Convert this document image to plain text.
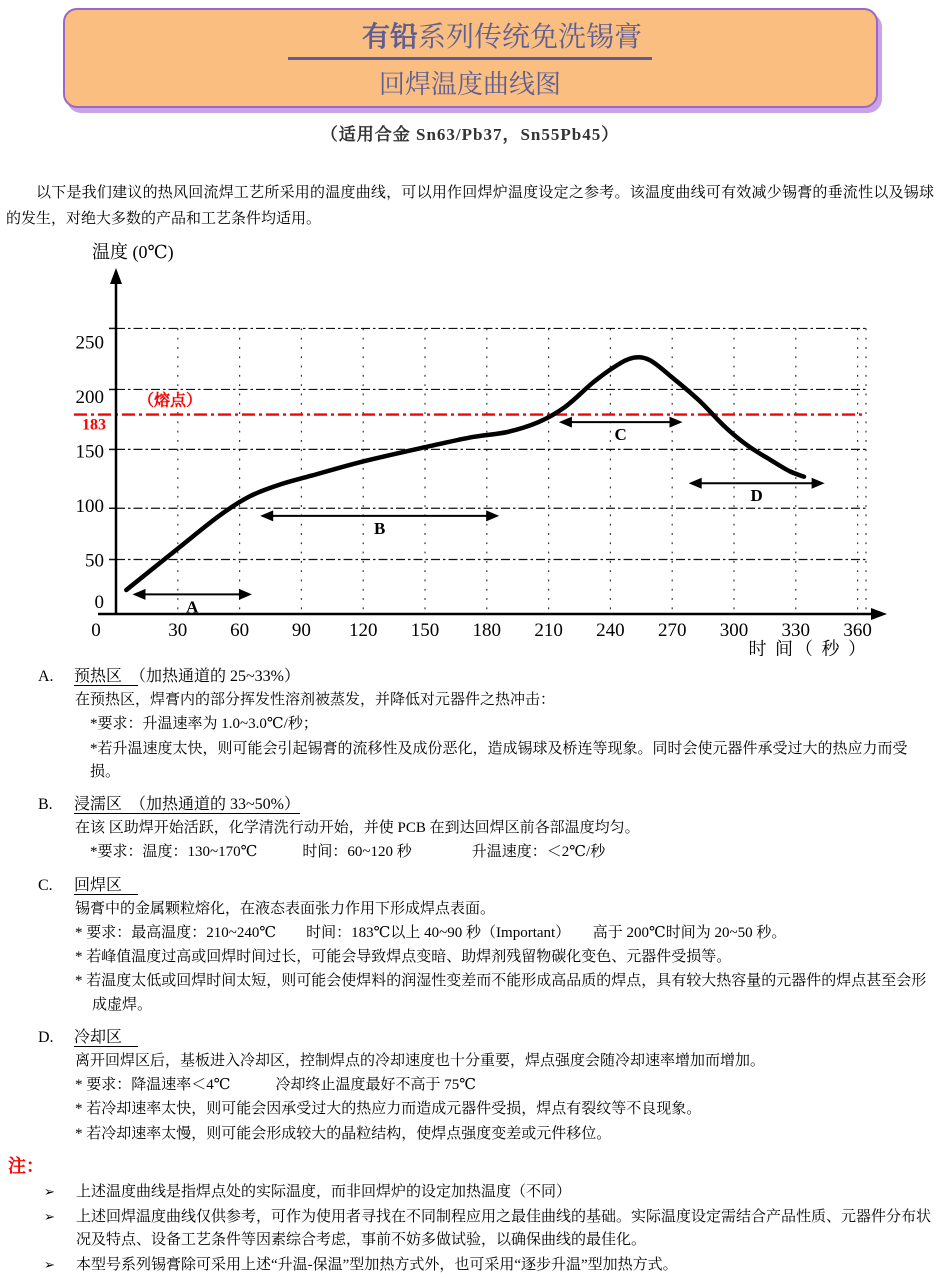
有铅系列传统免洗锡膏
回焊温度曲线图
（适用合金 Sn63/Pb37，Sn55Pb45）

以下是我们建议的热风回流焊工艺所采用的温度曲线，可以用作回焊炉温度设定之参考。该温度曲线可有效减少锡膏的垂流性以及锡球的发生，对绝大多数的产品和工艺条件均适用。

温度 (0℃)
（熔点）
183
0
50
100
150
200
250
0	30 60 90 120 150 180 210 240 270 300 330 360
时 间（ 秒 ）
A
B
C
D
A. 预热区　（加热通道的 25~33%）
在预热区，焊膏内的部分挥发性溶剂被蒸发，并降低对元器件之热冲击：
*要求：升温速率为 1.0~3.0℃/秒；
*若升温速度太快，则可能会引起锡膏的流移性及成份恶化，造成锡球及桥连等现象。同时会使元器件承受过大的热应力而受损。
B. 浸濡区　（加热通道的 33~50%）
在该 区助焊开始活跃，化学清洗行动开始，并使 PCB 在到达回焊区前各部温度均匀。
*要求：温度：130~170℃　　　时间：60~120 秒　　　　升温速度：＜2℃/秒
C. 回焊区　
锡膏中的金属颗粒熔化，在液态表面张力作用下形成焊点表面。
* 要求：最高温度：210~240℃　　时间：183℃以上 40~90 秒（Important）　　高于 200℃时间为 20~50 秒。
* 若峰值温度过高或回焊时间过长，可能会导致焊点变暗、助焊剂残留物碳化变色、元器件受损等。
* 若温度太低或回焊时间太短，则可能会使焊料的润湿性变差而不能形成高品质的焊点，具有较大热容量的元器件的焊点甚至会形成虚焊。
D. 冷却区　
离开回焊区后，基板进入冷却区，控制焊点的冷却速度也十分重要，焊点强度会随冷却速率增加而增加。
* 要求：降温速率＜4℃　　　冷却终止温度最好不高于 75℃
* 若冷却速率太快，则可能会因承受过大的热应力而造成元器件受损，焊点有裂纹等不良现象。
* 若冷却速率太慢，则可能会形成较大的晶粒结构，使焊点强度变差或元件移位。
注：
➢ 上述温度曲线是指焊点处的实际温度，而非回焊炉的设定加热温度（不同）
➢ 上述回焊温度曲线仅供参考，可作为使用者寻找在不同制程应用之最佳曲线的基础。实际温度设定需结合产品性质、元器件分布状况及特点、设备工艺条件等因素综合考虑，事前不妨多做试验，以确保曲线的最佳化。
➢ 本型号系列锡膏除可采用上述“升温-保温”型加热方式外，也可采用“逐步升温”型加热方式。
